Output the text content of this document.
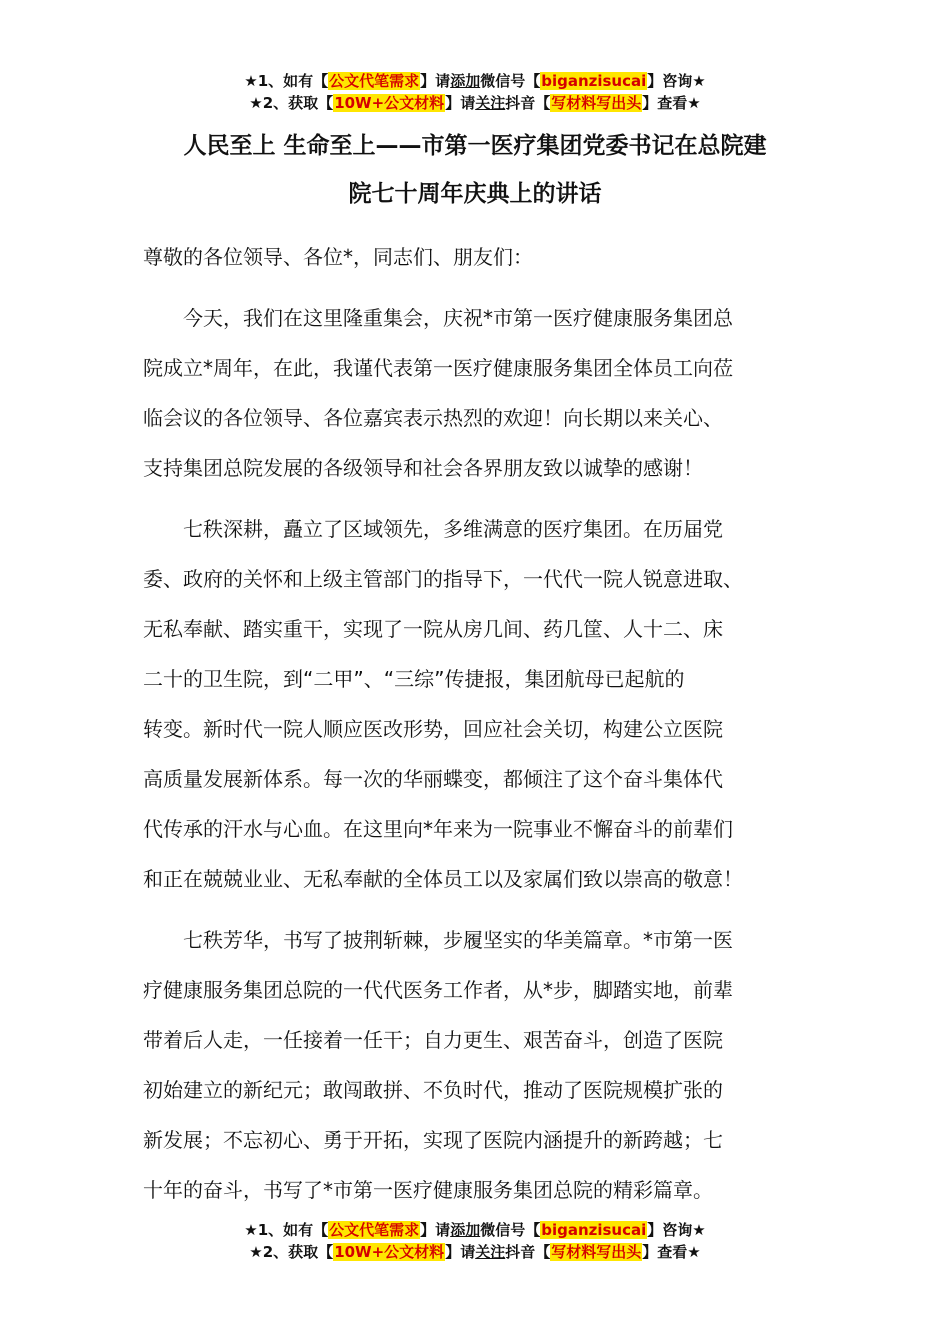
★1、如有【公文代笔需求】请添加微信号【biganzisucai】咨询★
★2、获取【10W+公文材料】请关注抖音【写材料写出头】查看★
人民至上 生命至上——市第一医疗集团党委书记在总院建
院七十周年庆典上的讲话
尊敬的各位领导、各位*，同志们、朋友们：
今天，我们在这里隆重集会，庆祝*市第一医疗健康服务集团总
院成立*周年，在此，我谨代表第一医疗健康服务集团全体员工向莅
临会议的各位领导、各位嘉宾表示热烈的欢迎！向长期以来关心、
支持集团总院发展的各级领导和社会各界朋友致以诚挚的感谢！
七秩深耕，矗立了区域领先，多维满意的医疗集团。在历届党
委、政府的关怀和上级主管部门的指导下，一代代一院人锐意进取、
无私奉献、踏实重干，实现了一院从房几间、药几筐、人十二、床
二十的卫生院，到“二甲”、“三综”传捷报，集团航母已起航的
转变。新时代一院人顺应医改形势，回应社会关切，构建公立医院
高质量发展新体系。每一次的华丽蝶变，都倾注了这个奋斗集体代
代传承的汗水与心血。在这里向*年来为一院事业不懈奋斗的前辈们
和正在兢兢业业、无私奉献的全体员工以及家属们致以崇高的敬意！
七秩芳华，书写了披荆斩棘，步履坚实的华美篇章。*市第一医
疗健康服务集团总院的一代代医务工作者，从*步，脚踏实地，前辈
带着后人走，一任接着一任干；自力更生、艰苦奋斗，创造了医院
初始建立的新纪元；敢闯敢拼、不负时代，推动了医院规模扩张的
新发展；不忘初心、勇于开拓，实现了医院内涵提升的新跨越；七
十年的奋斗，书写了*市第一医疗健康服务集团总院的精彩篇章。
★1、如有【公文代笔需求】请添加微信号【biganzisucai】咨询★
★2、获取【10W+公文材料】请关注抖音【写材料写出头】查看★
